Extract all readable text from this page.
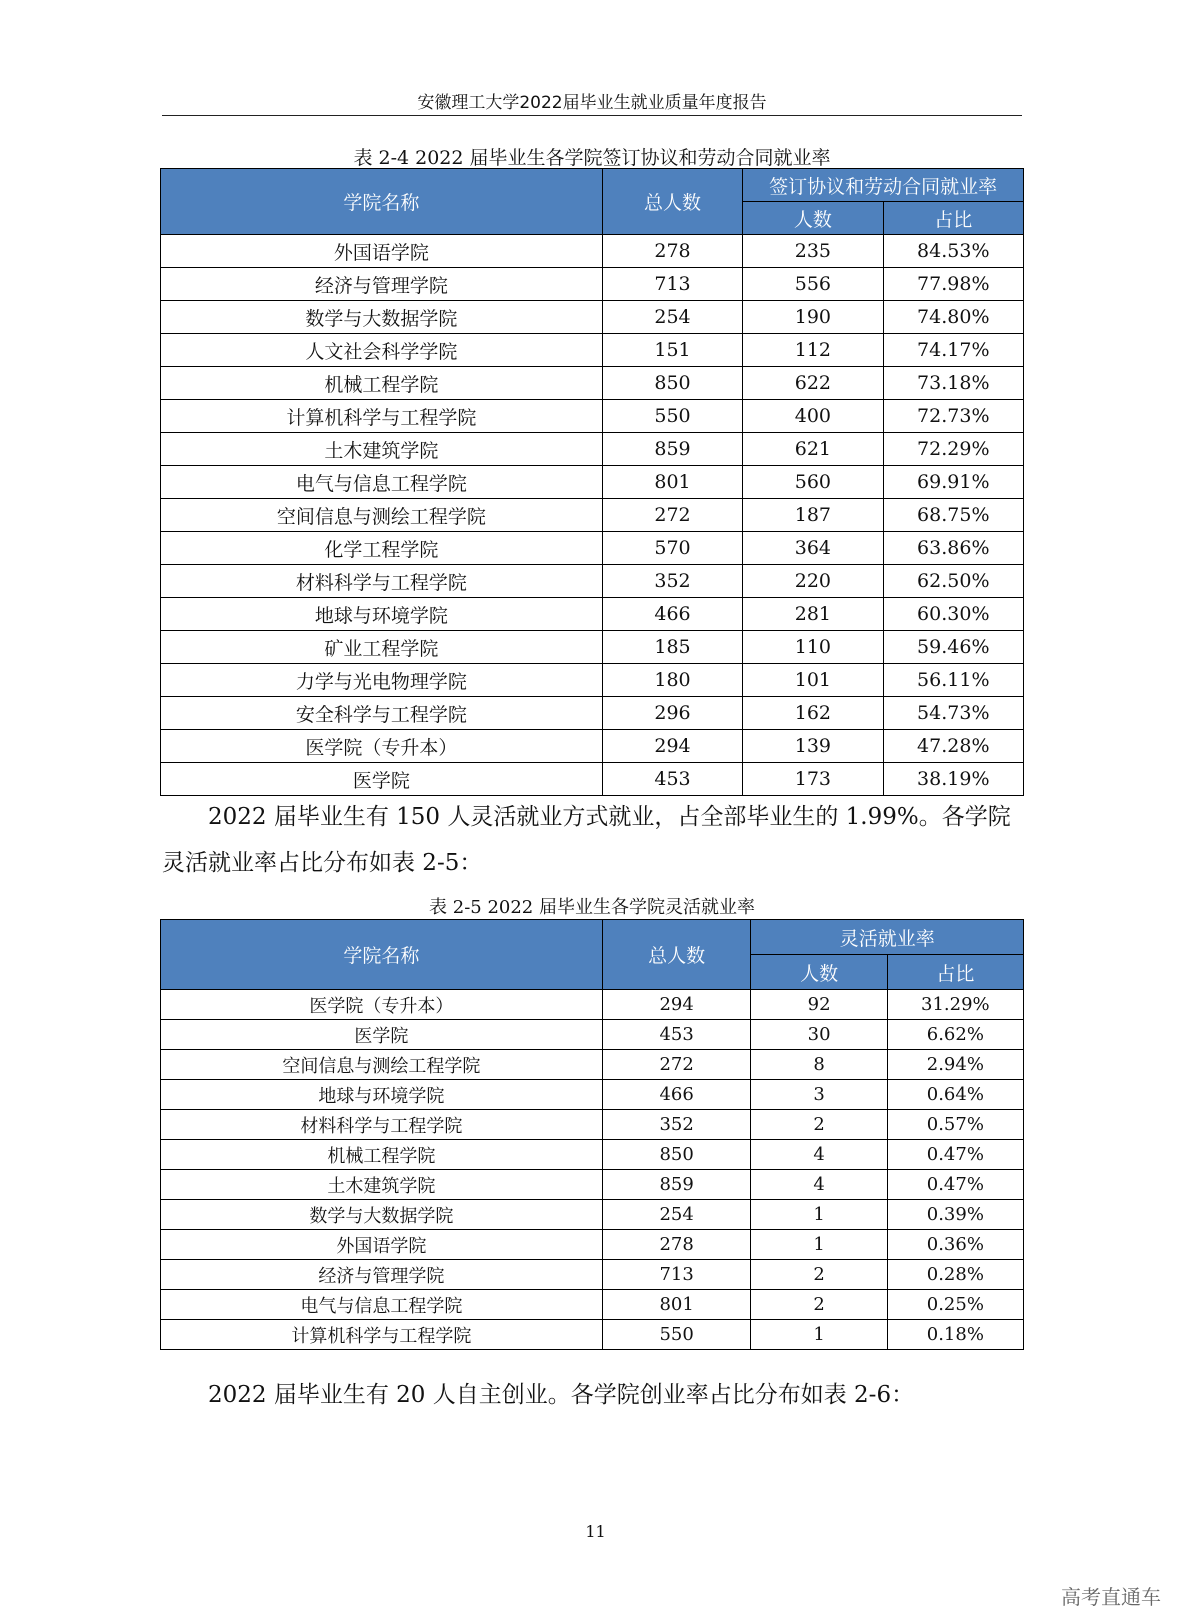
安徽理工大学2022届毕业生就业质量年度报告
表 2-4 2022 届毕业生各学院签订协议和劳动合同就业率
学院名称	总人数	签订协议和劳动合同就业率	
		人数	占比
外国语学院	278	235	84.53%
经济与管理学院	713	556	77.98%
数学与大数据学院	254	190	74.80%
人文社会科学学院	151	112	74.17%
机械工程学院	850	622	73.18%
计算机科学与工程学院	550	400	72.73%
土木建筑学院	859	621	72.29%
电气与信息工程学院	801	560	69.91%
空间信息与测绘工程学院	272	187	68.75%
化学工程学院	570	364	63.86%
材料科学与工程学院	352	220	62.50%
地球与环境学院	466	281	60.30%
矿业工程学院	185	110	59.46%
力学与光电物理学院	180	101	56.11%
安全科学与工程学院	296	162	54.73%
医学院（专升本）	294	139	47.28%
医学院	453	173	38.19%
2022 届毕业生有 150 人灵活就业方式就业，占全部毕业生的 1.99%。各学院灵活就业率占比分布如表 2-5：
表 2-5 2022 届毕业生各学院灵活就业率
学院名称	总人数	灵活就业率	
		人数	占比
医学院（专升本）	294	92	31.29%
医学院	453	30	6.62%
空间信息与测绘工程学院	272	8	2.94%
地球与环境学院	466	3	0.64%
材料科学与工程学院	352	2	0.57%
机械工程学院	850	4	0.47%
土木建筑学院	859	4	0.47%
数学与大数据学院	254	1	0.39%
外国语学院	278	1	0.36%
经济与管理学院	713	2	0.28%
电气与信息工程学院	801	2	0.25%
计算机科学与工程学院	550	1	0.18%
2022 届毕业生有 20 人自主创业。各学院创业率占比分布如表 2-6：
11
高考直通车
